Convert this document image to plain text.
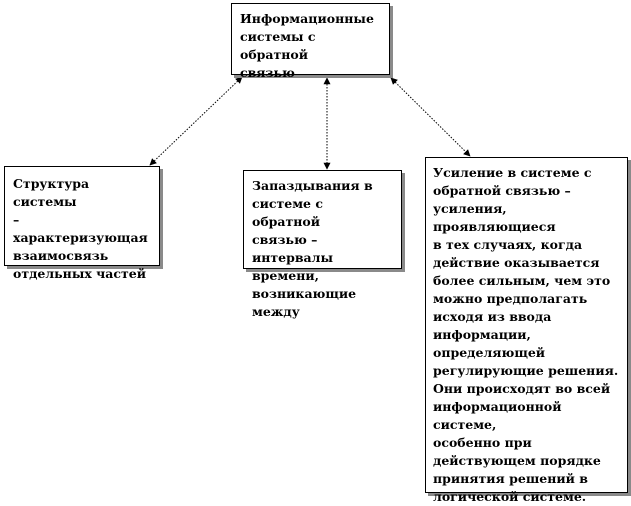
Информационные
системы с обратной
связью
Структура системы
– характеризующая
взаимосвязь
отдельных частей
Запаздывания в
системе с обратной
связью – интервалы
времени,
возникающие между
Усиление в системе с
обратной связью –
усиления, проявляющиеся
в тех случаях, когда
действие оказывается
более сильным, чем это
можно предполагать
исходя из ввода
информации,
определяющей
регулирующие решения.
Они происходят во всей
информационной системе,
особенно при
действующем порядке
принятия решений в
логической системе.
